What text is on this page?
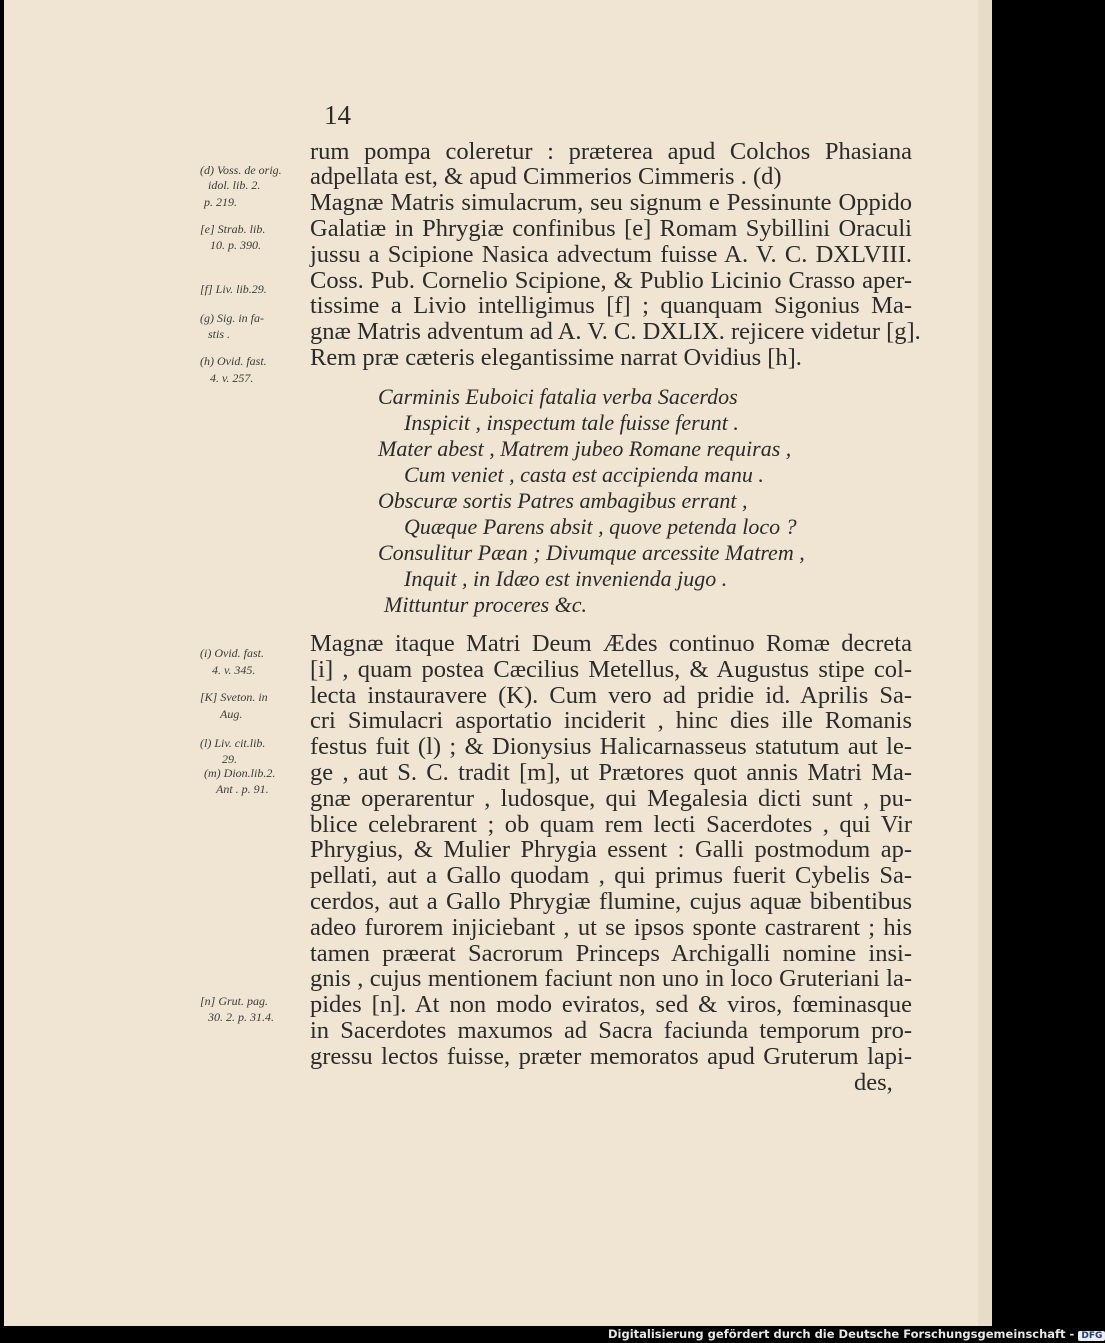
14
rum pompa coleretur : præterea apud Colchos Phasiana
adpellata est, & apud Cimmerios Cimmeris . (d)
Magnæ Matris simulacrum, seu signum e Pessinunte Oppido
Galatiæ in Phrygiæ confinibus [e] Romam Sybillini Oraculi
jussu a Scipione Nasica advectum fuisse A. V. C. DXLVIII.
Coss. Pub. Cornelio Scipione, & Publio Licinio Crasso aper-
tissime a Livio intelligimus [f] ; quanquam Sigonius Ma-
gnæ Matris adventum ad A. V. C. DXLIX. rejicere videtur [g].
Rem præ cæteris elegantissime narrat Ovidius [h].
Carminis Euboici fatalia verba Sacerdos
Inspicit , inspectum tale fuisse ferunt .
Mater abest , Matrem jubeo Romane requiras ,
Cum veniet , casta est accipienda manu .
Obscuræ sortis Patres ambagibus errant ,
Quæque Parens absit , quove petenda loco ?
Consulitur Pæan ; Divumque arcessite Matrem ,
Inquit , in Idæo est invenienda jugo .
Mittuntur proceres &c.
Magnæ itaque Matri Deum Ædes continuo Romæ decreta
[i] , quam postea Cæcilius Metellus, & Augustus stipe col-
lecta instauravere (K). Cum vero ad pridie id. Aprilis Sa-
cri Simulacri asportatio inciderit , hinc dies ille Romanis
festus fuit (l) ; & Dionysius Halicarnasseus statutum aut le-
ge , aut S. C. tradit [m], ut Prætores quot annis Matri Ma-
gnæ operarentur , ludosque, qui Megalesia dicti sunt , pu-
blice celebrarent ; ob quam rem lecti Sacerdotes , qui Vir
Phrygius, & Mulier Phrygia essent : Galli postmodum ap-
pellati, aut a Gallo quodam , qui primus fuerit Cybelis Sa-
cerdos, aut a Gallo Phrygiæ flumine, cujus aquæ bibentibus
adeo furorem injiciebant , ut se ipsos sponte castrarent ; his
tamen præerat Sacrorum Princeps Archigalli nomine insi-
gnis , cujus mentionem faciunt non uno in loco Gruteriani la-
pides [n]. At non modo eviratos, sed & viros, fœminasque
in Sacerdotes maxumos ad Sacra faciunda temporum pro-
gressu lectos fuisse, præter memoratos apud Gruterum lapi-
des,
(d) Voss. de orig.
idol. lib. 2.
p. 219.
[e] Strab. lib.
10. p. 390.
[f] Liv. lib.29.
(g) Sig. in fa-
stis .
(h) Ovid. fast.
4. v. 257.
(i) Ovid. fast.
4. v. 345.
[K] Sveton. in
Aug.
(l) Liv. cit.lib.
29.
(m) Dion.lib.2.
Ant . p. 91.
[n] Grut. pag.
30. 2. p. 31.4.
Digitalisierung gefördert durch die Deutsche Forschungsgemeinschaft - DFG
